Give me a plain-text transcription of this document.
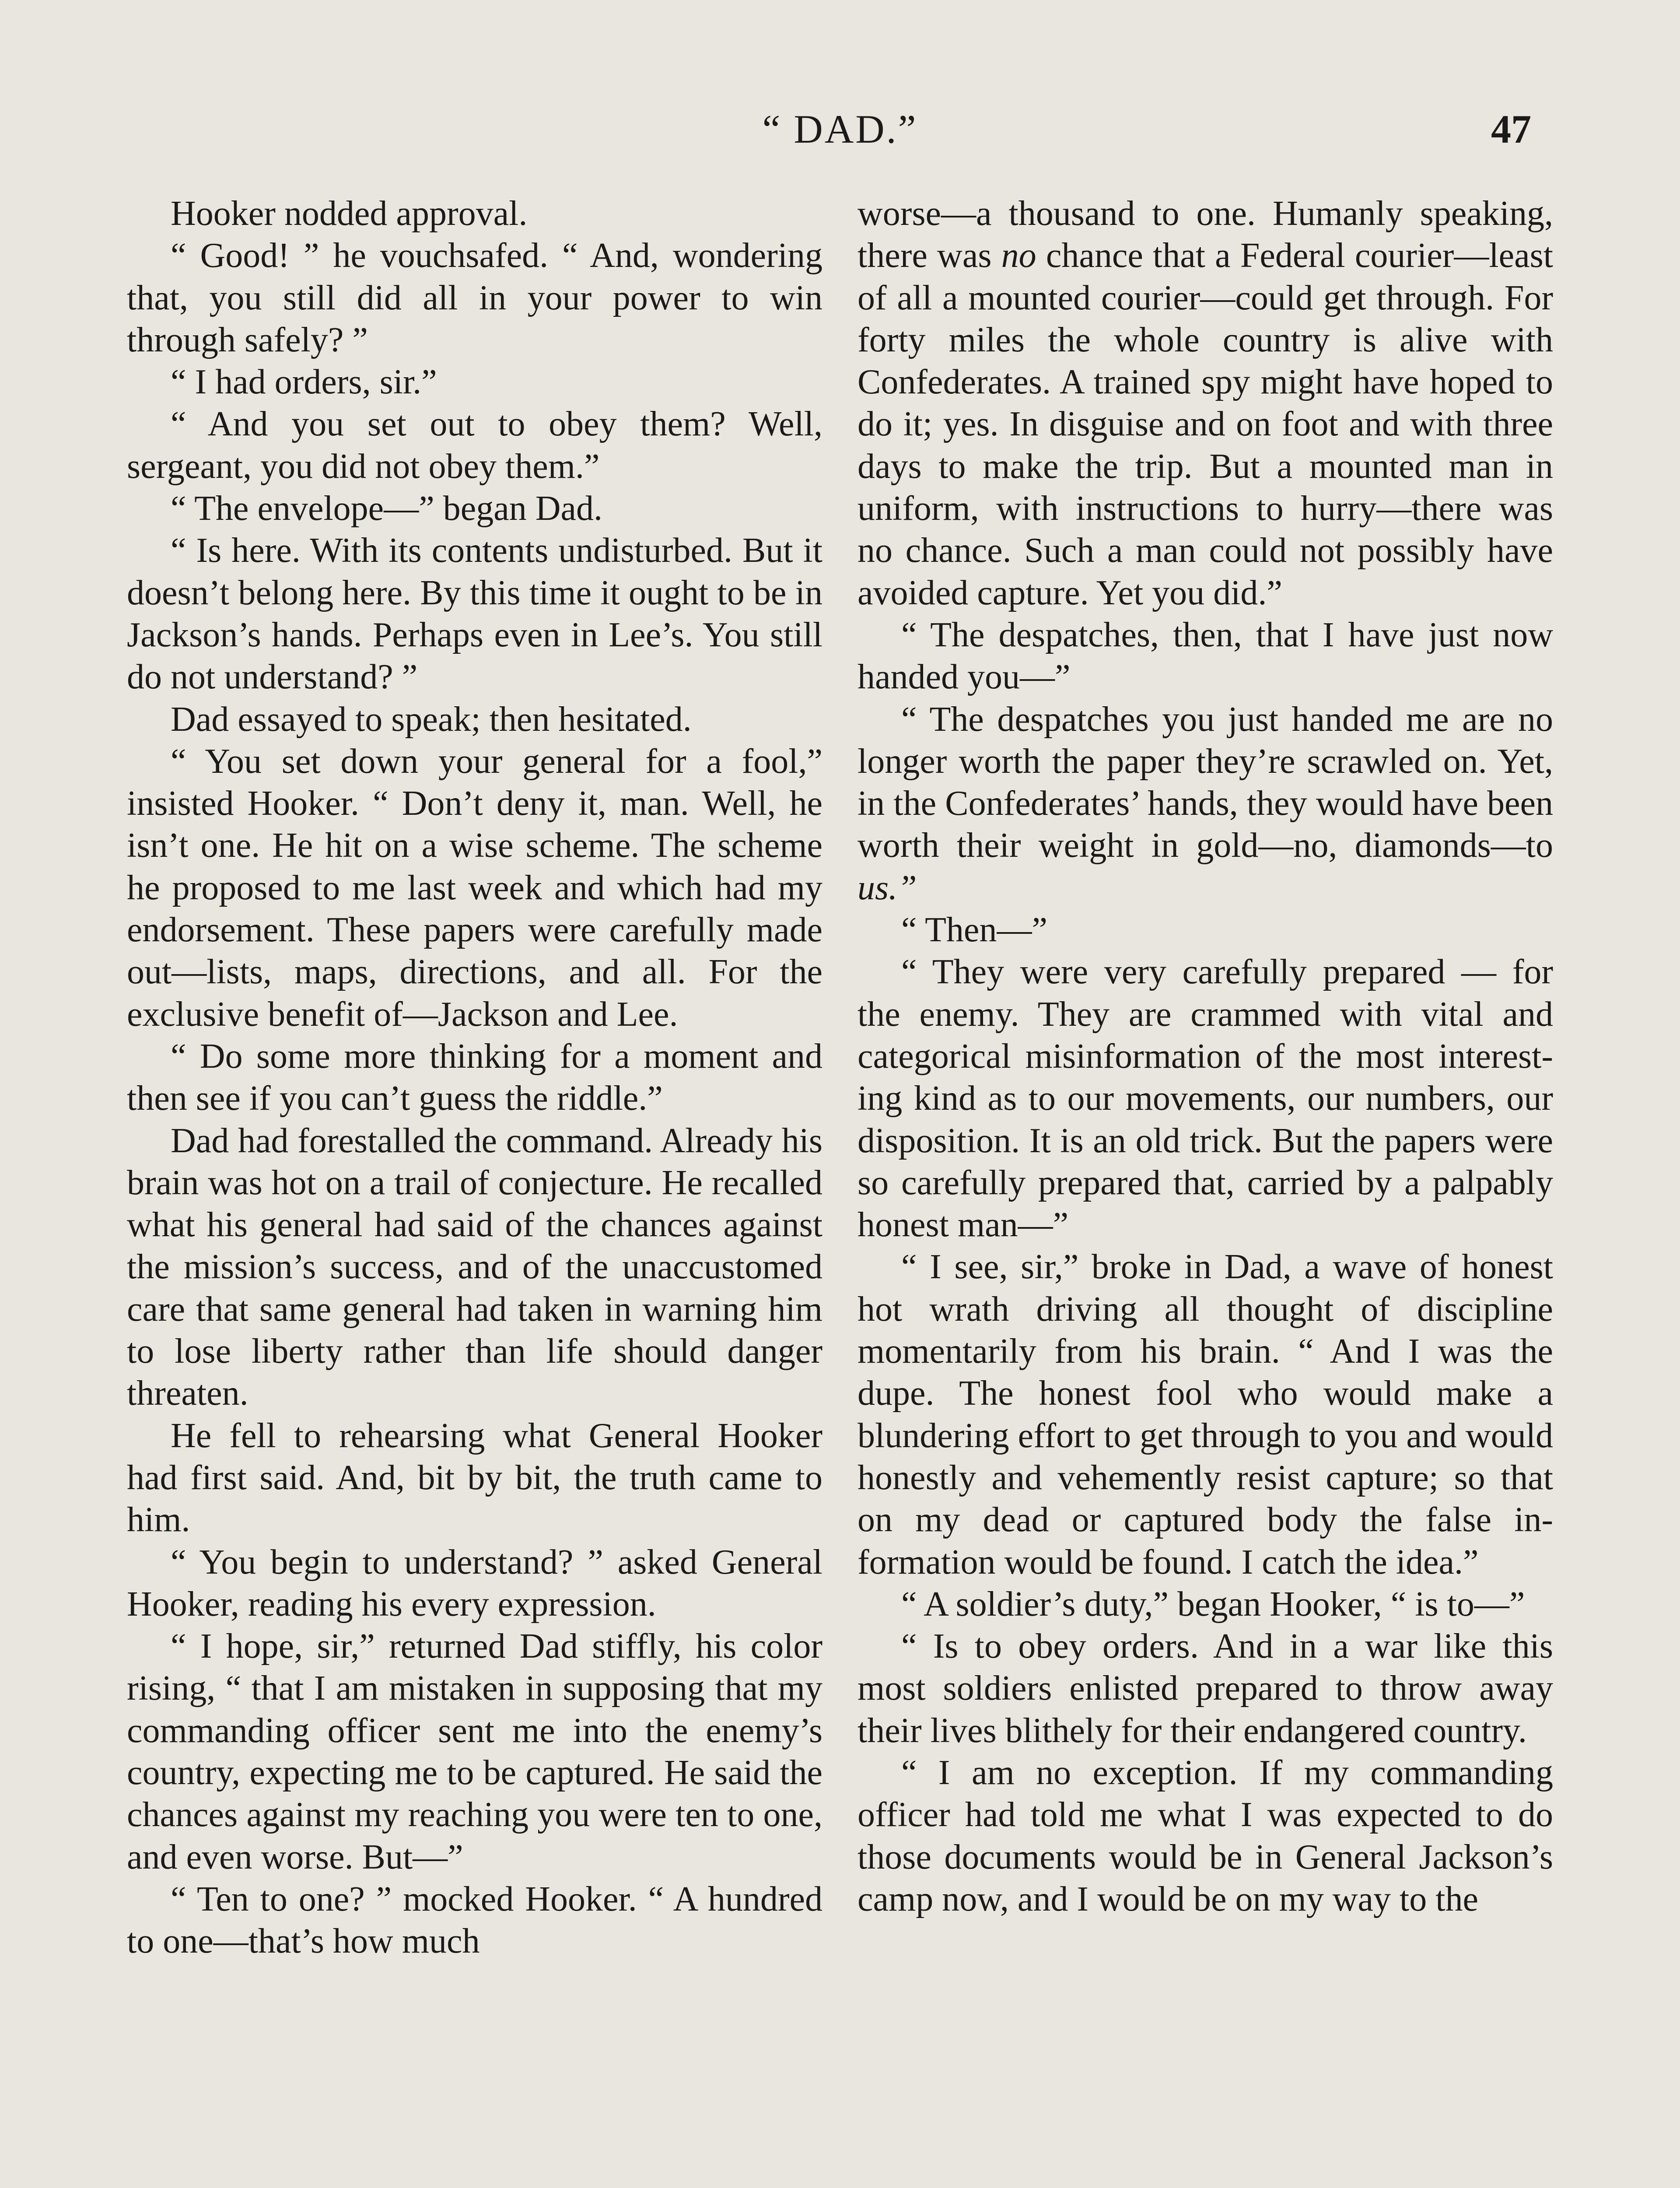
“ DAD.”	47

Hooker nodded approval.

“ Good! ” he vouchsafed. “ And, wondering that, you still did all in your power to win through safely? ”

“ I had orders, sir.”

“ And you set out to obey them? Well, sergeant, you did not obey them.”

“ The envelope—” began Dad.

“ Is here. With its contents undisturbed. But it doesn’t belong here. By this time it ought to be in Jackson’s hands. Perhaps even in Lee’s. You still do not understand? ”

Dad essayed to speak; then hesitated.

“ You set down your general for a fool,” insisted Hooker. “ Don’t deny it, man. Well, he isn’t one. He hit on a wise scheme. The scheme he proposed to me last week and which had my endorsement. These papers were carefully made out—lists, maps, directions, and all. For the exclusive benefit of—Jackson and Lee.

“ Do some more thinking for a moment and then see if you can’t guess the riddle.”

Dad had forestalled the command. Already his brain was hot on a trail of conjecture. He recalled what his general had said of the chances against the mission’s success, and of the unaccustomed care that same general had taken in warning him to lose liberty rather than life should danger threaten.

He fell to rehearsing what General Hooker had first said. And, bit by bit, the truth came to him.

“ You begin to understand? ” asked General Hooker, reading his every expression.

“ I hope, sir,” returned Dad stiffly, his color rising, “ that I am mistaken in supposing that my commanding officer sent me into the enemy’s country, expecting me to be captured. He said the chances against my reaching you were ten to one, and even worse. But—”

“ Ten to one? ” mocked Hooker. “ A hundred to one—that’s how much

worse—a thousand to one. Humanly speaking, there was no chance that a Federal courier—least of all a mounted courier—could get through. For forty miles the whole country is alive with Confederates. A trained spy might have hoped to do it; yes. In disguise and on foot and with three days to make the trip. But a mounted man in uniform, with instructions to hurry—there was no chance. Such a man could not possibly have avoided capture. Yet you did.”

“ The despatches, then, that I have just now handed you—”

“ The despatches you just handed me are no longer worth the paper they’re scrawled on. Yet, in the Confederates’ hands, they would have been worth their weight in gold—no, diamonds—to us.”

“ Then—”

“ They were very carefully prepared — for the enemy. They are crammed with vital and categorical misinformation of the most interesting kind as to our movements, our numbers, our disposition. It is an old trick. But the papers were so carefully prepared that, carried by a palpably honest man—”

“ I see, sir,” broke in Dad, a wave of honest hot wrath driving all thought of discipline momentarily from his brain. “ And I was the dupe. The honest fool who would make a blundering effort to get through to you and would honestly and vehemently resist capture; so that on my dead or captured body the false information would be found. I catch the idea.”

“ A soldier’s duty,” began Hooker, “ is to—”

“ Is to obey orders. And in a war like this most soldiers enlisted prepared to throw away their lives blithely for their endangered country.

“ I am no exception. If my commanding officer had told me what I was expected to do those documents would be in General Jackson’s camp now, and I would be on my way to the
